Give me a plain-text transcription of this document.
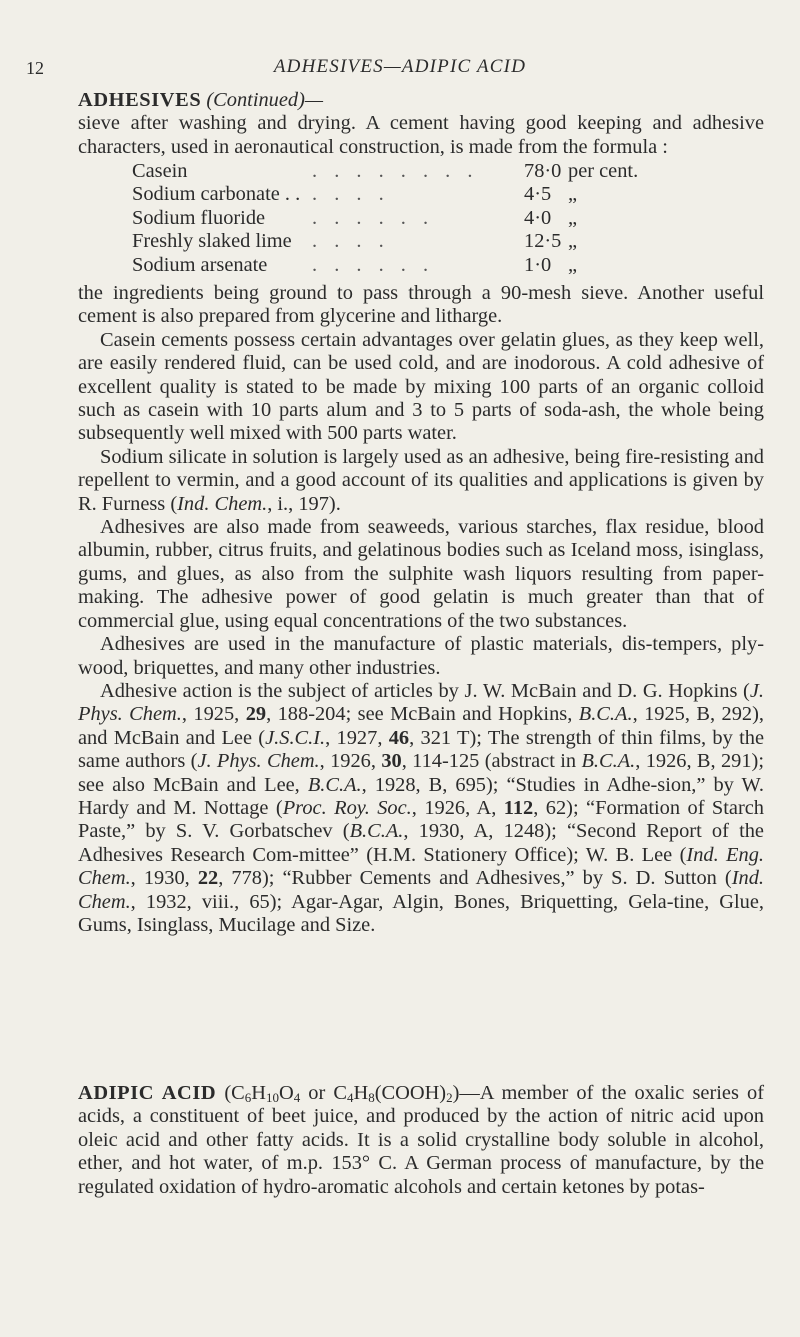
12	ADHESIVES—ADIPIC ACID
ADHESIVES (Continued)—
sieve after washing and drying. A cement having good keeping and adhesive characters, used in aeronautical construction, is made from the formula :
Casein	. . . . . . . . 78·0 per cent.
Sodium carbonate . . . . . .	4·5 „
Sodium fluoride . . . . . .	4·0 „
Freshly slaked lime . . . .	12·5 „
Sodium arsenate . . . . . .	1·0 „

the ingredients being ground to pass through a 90-mesh sieve. Another useful cement is also prepared from glycerine and litharge.

Casein cements possess certain advantages over gelatin glues, as they keep well, are easily rendered fluid, can be used cold, and are inodorous. A cold adhesive of excellent quality is stated to be made by mixing 100 parts of an organic colloid such as casein with 10 parts alum and 3 to 5 parts of soda-ash, the whole being subsequently well mixed with 500 parts water.

Sodium silicate in solution is largely used as an adhesive, being fire-resisting and repellent to vermin, and a good account of its qualities and applications is given by R. Furness (Ind. Chem., i., 197).

Adhesives are also made from seaweeds, various starches, flax residue, blood albumin, rubber, citrus fruits, and gelatinous bodies such as Iceland moss, isinglass, gums, and glues, as also from the sulphite wash liquors resulting from paper-making. The adhesive power of good gelatin is much greater than that of commercial glue, using equal concentrations of the two substances.

Adhesives are used in the manufacture of plastic materials, dis-tempers, ply-wood, briquettes, and many other industries.

Adhesive action is the subject of articles by J. W. McBain and D. G. Hopkins (J. Phys. Chem., 1925, 29, 188-204; see McBain and Hopkins, B.C.A., 1925, B, 292), and McBain and Lee (J.S.C.I., 1927, 46, 321 T); The strength of thin films, by the same authors (J. Phys. Chem., 1926, 30, 114-125 (abstract in B.C.A., 1926, B, 291); see also McBain and Lee, B.C.A., 1928, B, 695); “Studies in Adhe-sion,” by W. Hardy and M. Nottage (Proc. Roy. Soc., 1926, A, 112, 62); “Formation of Starch Paste,” by S. V. Gorbatschev (B.C.A., 1930, A, 1248); “Second Report of the Adhesives Research Com-mittee” (H.M. Stationery Office); W. B. Lee (Ind. Eng. Chem., 1930, 22, 778); “Rubber Cements and Adhesives,” by S. D. Sutton (Ind. Chem., 1932, viii., 65); Agar-Agar, Algin, Bones, Briquetting, Gela-tine, Glue, Gums, Isinglass, Mucilage and Size.

ADIPIC ACID ($C_6H_{10}O_4$ or $C_4H_8(COOH)_2)—A$ member of the oxalic series of acids, a constituent of beet juice, and produced by the action of nitric acid upon oleic acid and other fatty acids. It is a solid crystalline body soluble in alcohol, ether, and hot water, of m.p. 153° C. A German process of manufacture, by the regulated oxidation of hydro-aromatic alcohols and certain ketones by potas-
